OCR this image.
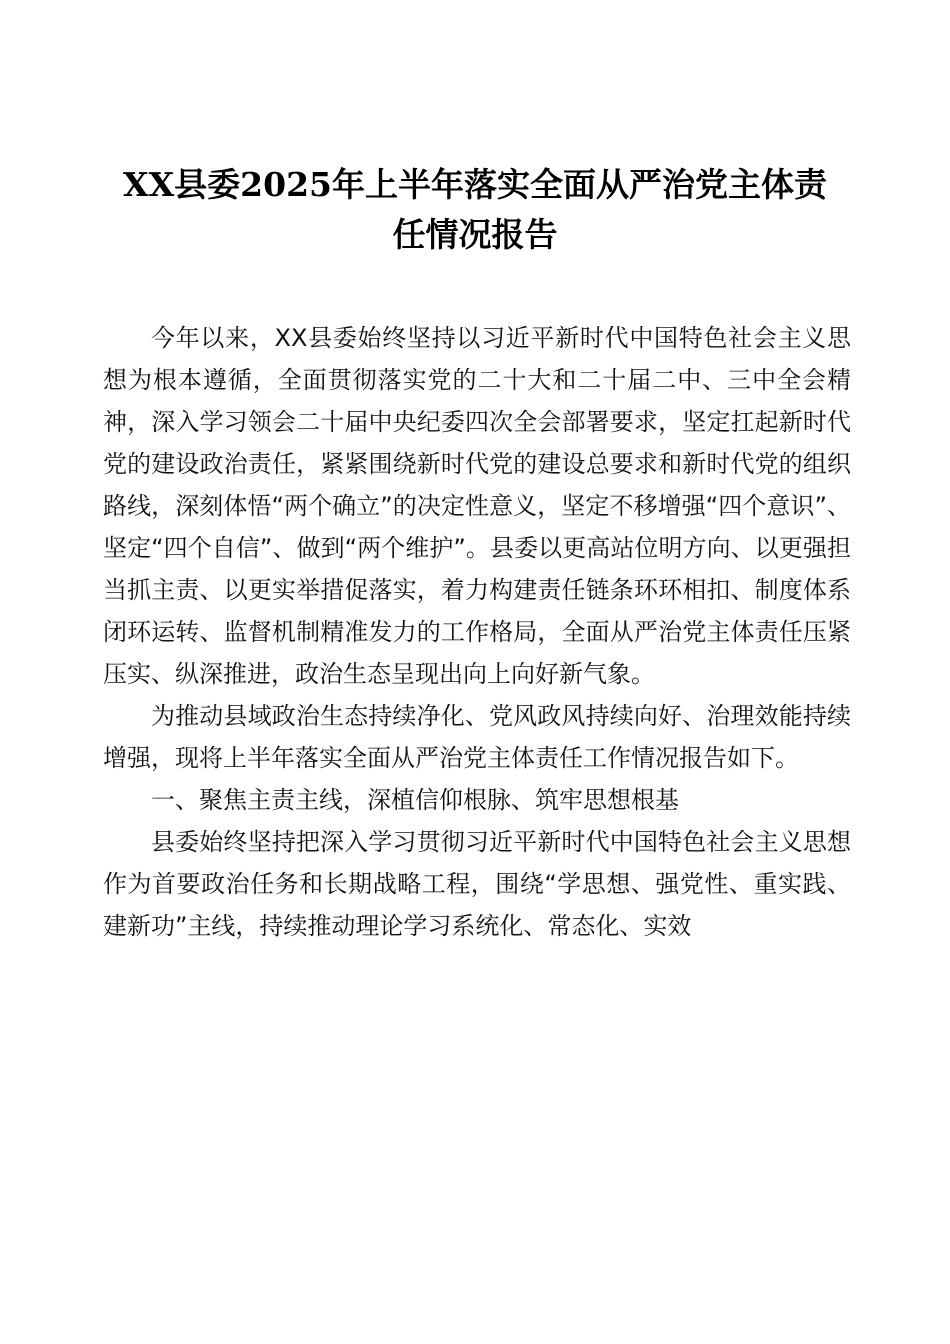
XX县委2025年上半年落实全面从严治党主体责
任情况报告

今年以来，XX县委始终坚持以习近平新时代中国特色社会主义思想为根本遵循，全面贯彻落实党的二十大和二十届二中、三中全会精神，深入学习领会二十届中央纪委四次全会部署要求，坚定扛起新时代党的建设政治责任，紧紧围绕新时代党的建设总要求和新时代党的组织路线，深刻体悟“两个确立”的决定性意义，坚定不移增强“四个意识”、坚定“四个自信”、做到“两个维护”。县委以更高站位明方向、以更强担当抓主责、以更实举措促落实，着力构建责任链条环环相扣、制度体系闭环运转、监督机制精准发力的工作格局，全面从严治党主体责任压紧压实、纵深推进，政治生态呈现出向上向好新气象。

为推动县域政治生态持续净化、党风政风持续向好、治理效能持续增强，现将上半年落实全面从严治党主体责任工作情况报告如下。

一、聚焦主责主线，深植信仰根脉、筑牢思想根基

县委始终坚持把深入学习贯彻习近平新时代中国特色社会主义思想作为首要政治任务和长期战略工程，围绕“学思想、强党性、重实践、建新功”主线，持续推动理论学习系统化、常态化、实效
